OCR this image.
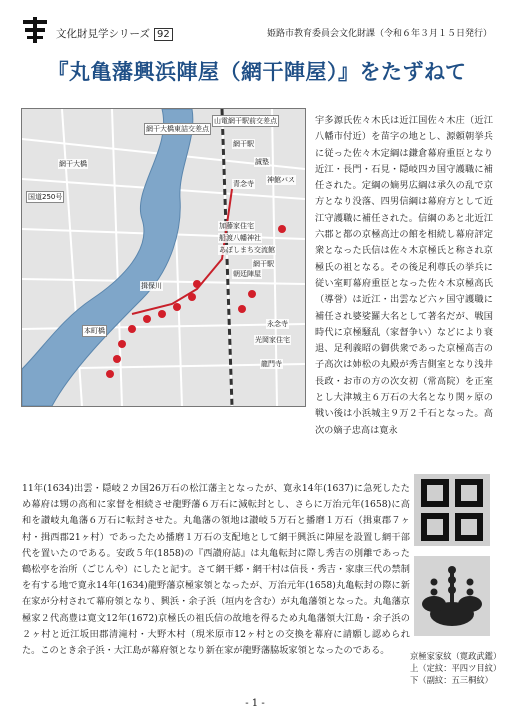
文化財見学シリーズ 92	姫路市教育委員会文化財課（令和６年３月１５日発行）
『丸亀藩興浜陣屋（網干陣屋）』をたずねて
網干大橋東詰交差点
山電網干駅前交差点
網干駅
網干大橋	誠塾
神館バス
青念寺
国道250号
加藤家住宅
船渡八幡神社
あぼしまち交流館
網干駅
朝廷陣屋
揖保川
本町橋
永念寺
光岡家住宅
龍門寺

宇多源氏佐々木氏は近江国佐々木庄（近江八幡市付近）を苗字の地とし、源頼朝挙兵に従った佐々木定綱は鎌倉幕府重臣となり近江・長門・石見・隠岐四カ国守護職に補任された。定綱の嫡男広綱は承久の乱で京方となり没落、四男信綱は幕府方として近江守護職に補任された。信綱のあと北近江六郡と都の京極高辻の館を相続し幕府評定衆となった氏信は佐々木京極氏と称され京極氏の祖となる。その後足利尊氏の挙兵に従い室町幕府重臣となった佐々木京極高氏（導誉）は近江・出雲など六ヶ国守護職に補任され婆娑羅大名として著名だが、戦国時代に京極騒乱（家督争い）などにより衰退、足利義昭の御供衆であった京極高吉の子高次は姉松の丸殿が秀吉側室となり浅井長政・お市の方の次女初（常高院）を正室とし大津城主６万石の大名となり関ヶ原の戦い後は小浜城主９万２千石となった。高次の嫡子忠高は寛永

11年(1634)出雲・隠岐２カ国26万石の松江藩主となったが、寛永14年(1637)に急死したため幕府は甥の高和に家督を相続させ龍野藩６万石に減転封とし、さらに万治元年(1658)に高和を讃岐丸亀藩６万石に転封させた。丸亀藩の領地は讃岐５万石と播磨１万石（揖東郡７ヶ村・揖西郡21ヶ村）であったため播磨１万石の支配地として網干興浜に陣屋を設置し網干部代を置いたのである。安政５年(1858)の『西讃府誌』は丸亀転封に際し秀吉の別離であった鶴松亭を治所（ごじんや）にしたと記す。さて網干郷・網干村は信長・秀吉・家康三代の禁制を有する地で寛永14年(1634)龍野藩京極家領となったが、万治元年(1658)丸亀転封の際に新在家が分村されて幕府領となり、興浜・余子浜（垣内を含む）が丸亀藩領となった。丸亀藩京極家２代高豊は寛文12年(1672)京極氏の祖氏信の故地を得るため丸亀藩領大江島・余子浜の２ヶ村と近江坂田郡清滝村・大野木村（現米原市12ヶ村との交換を幕府に請願し認められた。このとき余子浜・大江島が幕府領となり新在家が龍野藩脇坂家領となったのである。	京極家家紋（寛政武鑑）
上（定紋：平四ツ目紋）
下（副紋：五三桐紋）
- 1 -
